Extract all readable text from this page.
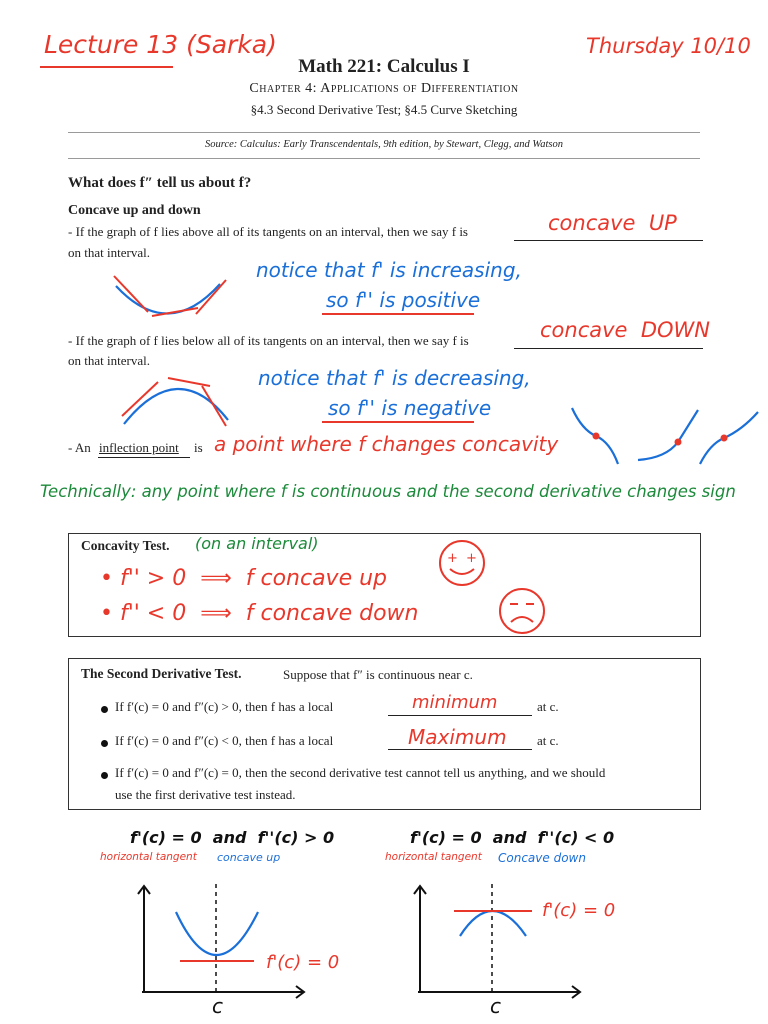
Lecture 13 (Sarka)	Thursday 10/10
Math 221: Calculus I
Chapter 4: Applications of Differentiation
§4.3 Second Derivative Test; §4.5 Curve Sketching
Source: Calculus: Early Transcendentals, 9th edition, by Stewart, Clegg, and Watson
What does f″ tell us about f?
Concave up and down
- If the graph of f lies above all of its tangents on an interval, then we say f is	concave  UP
on that interval.
notice that f' is increasing,
so f'' is positive
- If the graph of f lies below all of its tangents on an interval, then we say f is	concave  DOWN
on that interval.
notice that f' is decreasing,
so f'' is negative
- An inflection point is a point where f changes concavity
Technically: any point where f is continuous and the second derivative changes sign
Concavity Test. (on an interval)
• f'' > 0  ⟹  f concave up
• f'' < 0  ⟹  f concave down
+ +
The Second Derivative Test.	Suppose that f″ is continuous near c.
If f′(c) = 0 and f″(c) > 0, then f has a local	minimum	at c.
If f′(c) = 0 and f″(c) < 0, then f has a local	Maximum at c.
If f′(c) = 0 and f″(c) = 0, then the second derivative test cannot tell us anything, and we should
use the first derivative test instead.
f'(c) = 0  and  f''(c) > 0
horizontal tangent concave up
c
f'(c) = 0
f'(c) = 0  and  f''(c) < 0
horizontal tangent Concave down
c
f'(c) = 0
